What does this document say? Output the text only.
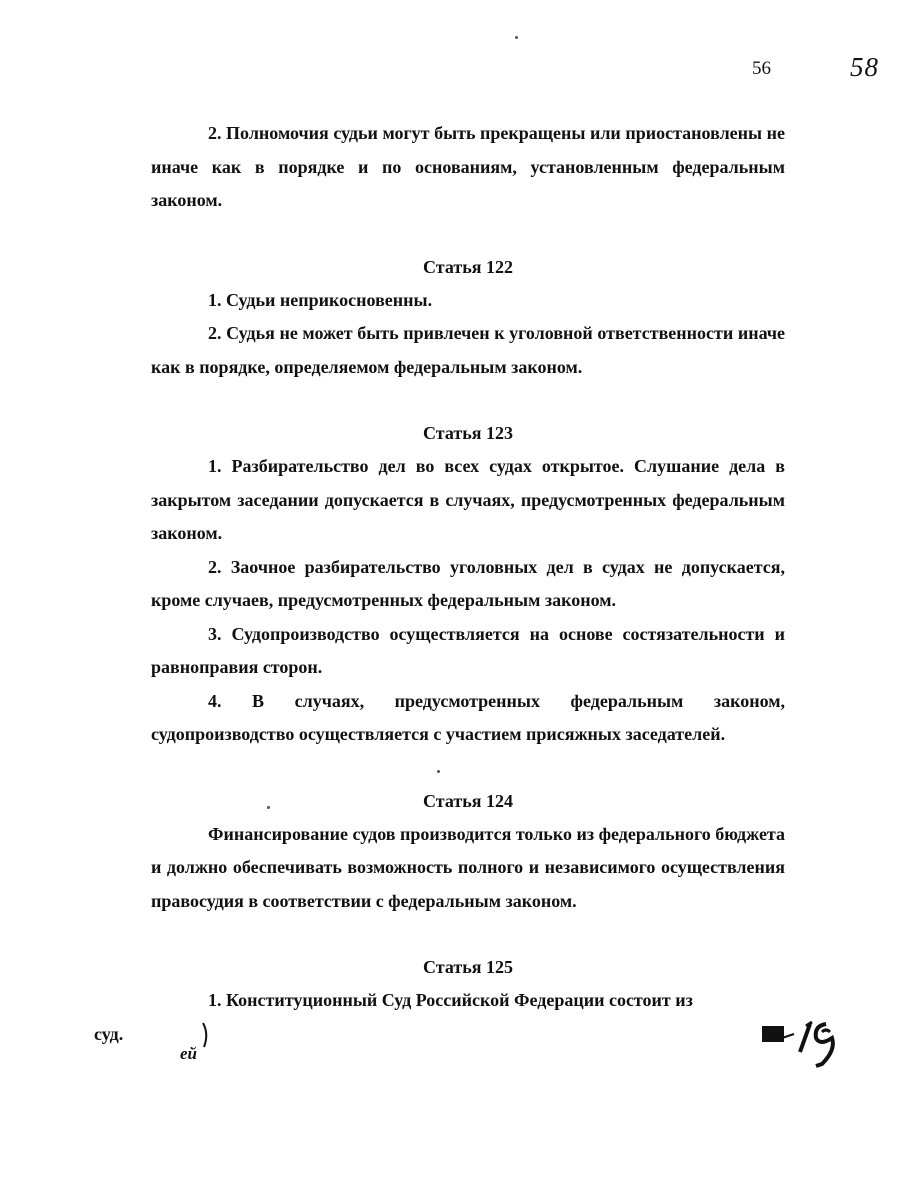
56	58

2. Полномочия судьи могут быть прекращены или приостановлены не иначе как в порядке и по основаниям, установленным федеральным законом.

Статья 122

1. Судьи неприкосновенны.

2. Судья не может быть привлечен к уголовной ответственности иначе как в порядке, определяемом федеральным законом.

Статья 123

1. Разбирательство дел во всех судах открытое. Слушание дела в закрытом заседании допускается в случаях, предусмотренных федеральным законом.

2. Заочное разбирательство уголовных дел в судах не допускается, кроме случаев, предусмотренных федеральным законом.

3. Судопроизводство осуществляется на основе состязательности и равноправия сторон.

4. В случаях, предусмотренных федеральным законом, судопроизводство осуществляется с участием присяжных заседателей.

Статья 124

Финансирование судов производится только из федерального бюджета и должно обеспечивать возможность полного и независимого осуществления правосудия в соответствии с федеральным законом.

Статья 125

1. Конституционный Суд Российской Федерации состоит из
суд.

ей
